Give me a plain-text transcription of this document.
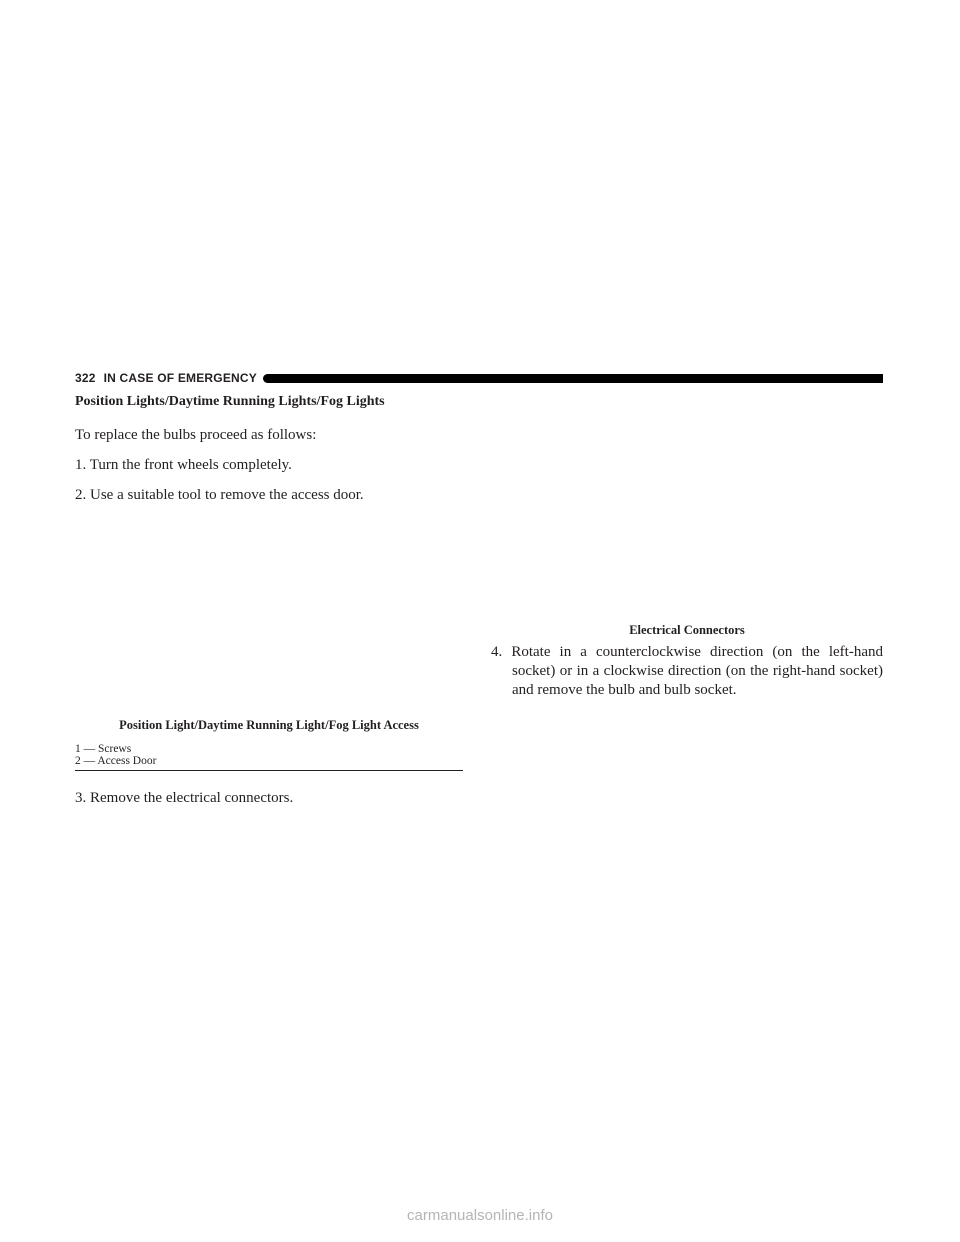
322 IN CASE OF EMERGENCY
Position Lights/Daytime Running Lights/Fog Lights

To replace the bulbs proceed as follows:

1. Turn the front wheels completely.

2. Use a suitable tool to remove the access door.

Position Light/Daytime Running Light/Fog Light Access
1 — Screws
2 — Access Door

3. Remove the electrical connectors.

Electrical Connectors

4. Rotate in a counterclockwise direction (on the left-hand socket) or in a clockwise direction (on the right-hand socket) and remove the bulb and bulb socket.

carmanualsonline.info
